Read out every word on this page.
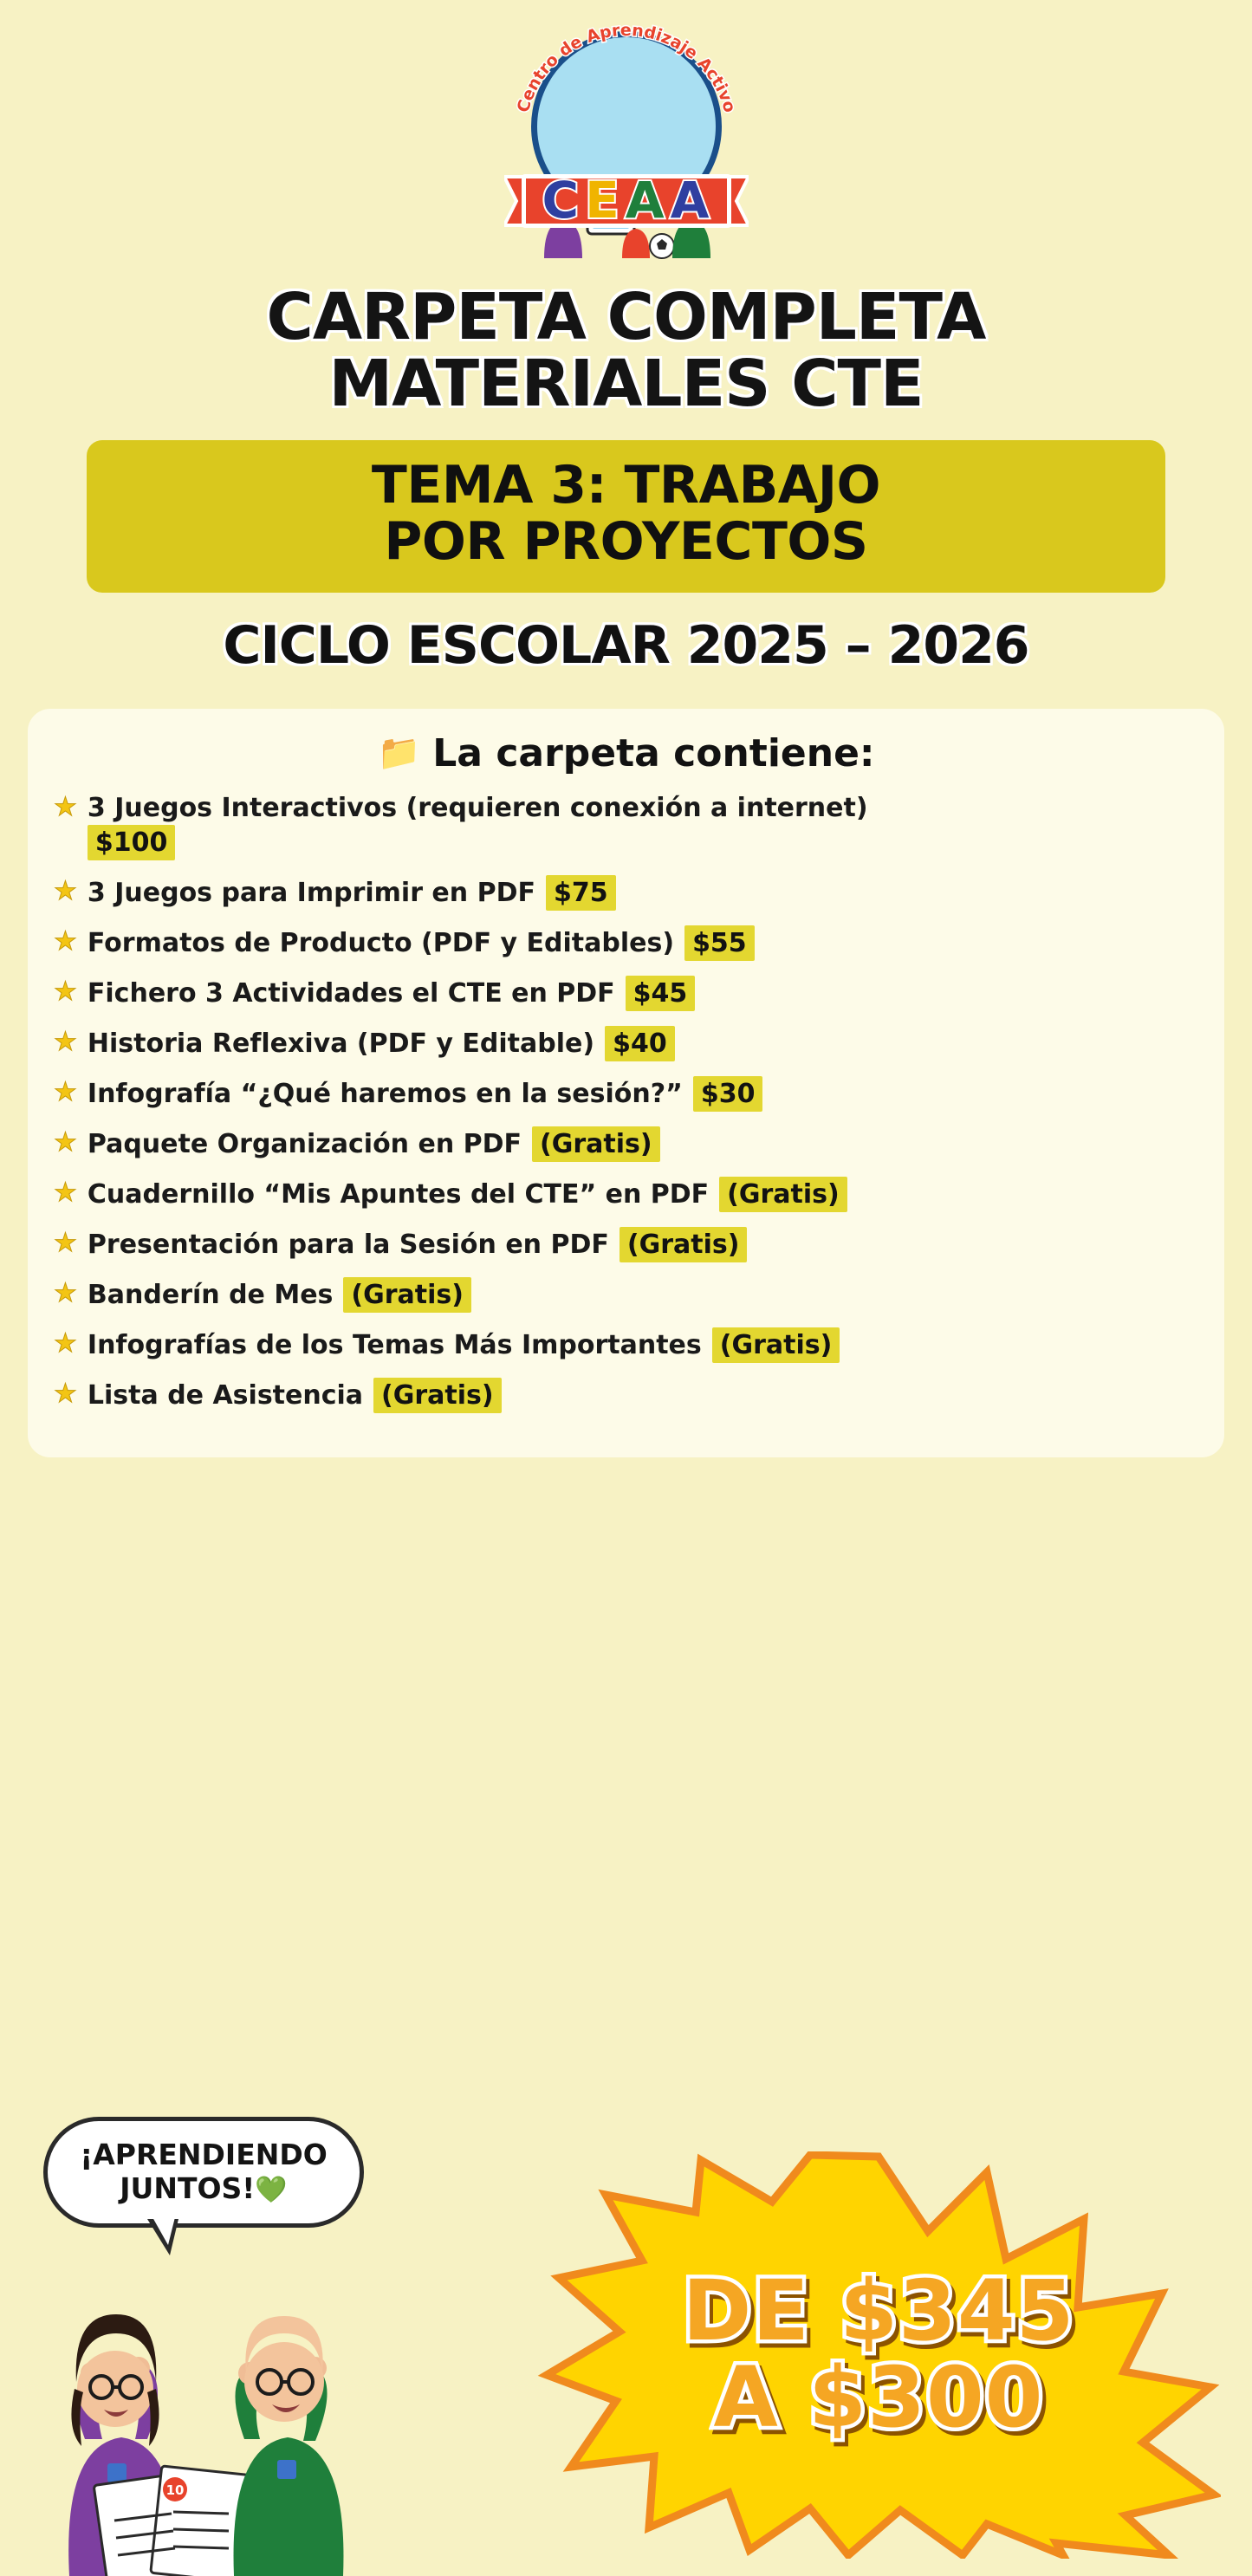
Centro de Aprendizaje Activo
C E A A
CARPETA COMPLETA
MATERIALES CTE
TEMA 3: TRABAJO
POR PROYECTOS
CICLO ESCOLAR 2025 – 2026
📁 La carpeta contiene:
★ 3 Juegos Interactivos (requieren conexión a internet)
$100
★ 3 Juegos para Imprimir en PDF $75
★ Formatos de Producto (PDF y Editables) $55
★ Fichero 3 Actividades el CTE en PDF $45
★ Historia Reflexiva (PDF y Editable) $40
★ Infografía “¿Qué haremos en la sesión?” $30
★ Paquete Organización en PDF (Gratis)
★ Cuadernillo “Mis Apuntes del CTE” en PDF (Gratis)
★ Presentación para la Sesión en PDF (Gratis)
★ Banderín de Mes (Gratis)
★ Infografías de los Temas Más Importantes (Gratis)
★ Lista de Asistencia (Gratis)
¡APRENDIENDO
JUNTOS!💚
10
DE $345
A $300
